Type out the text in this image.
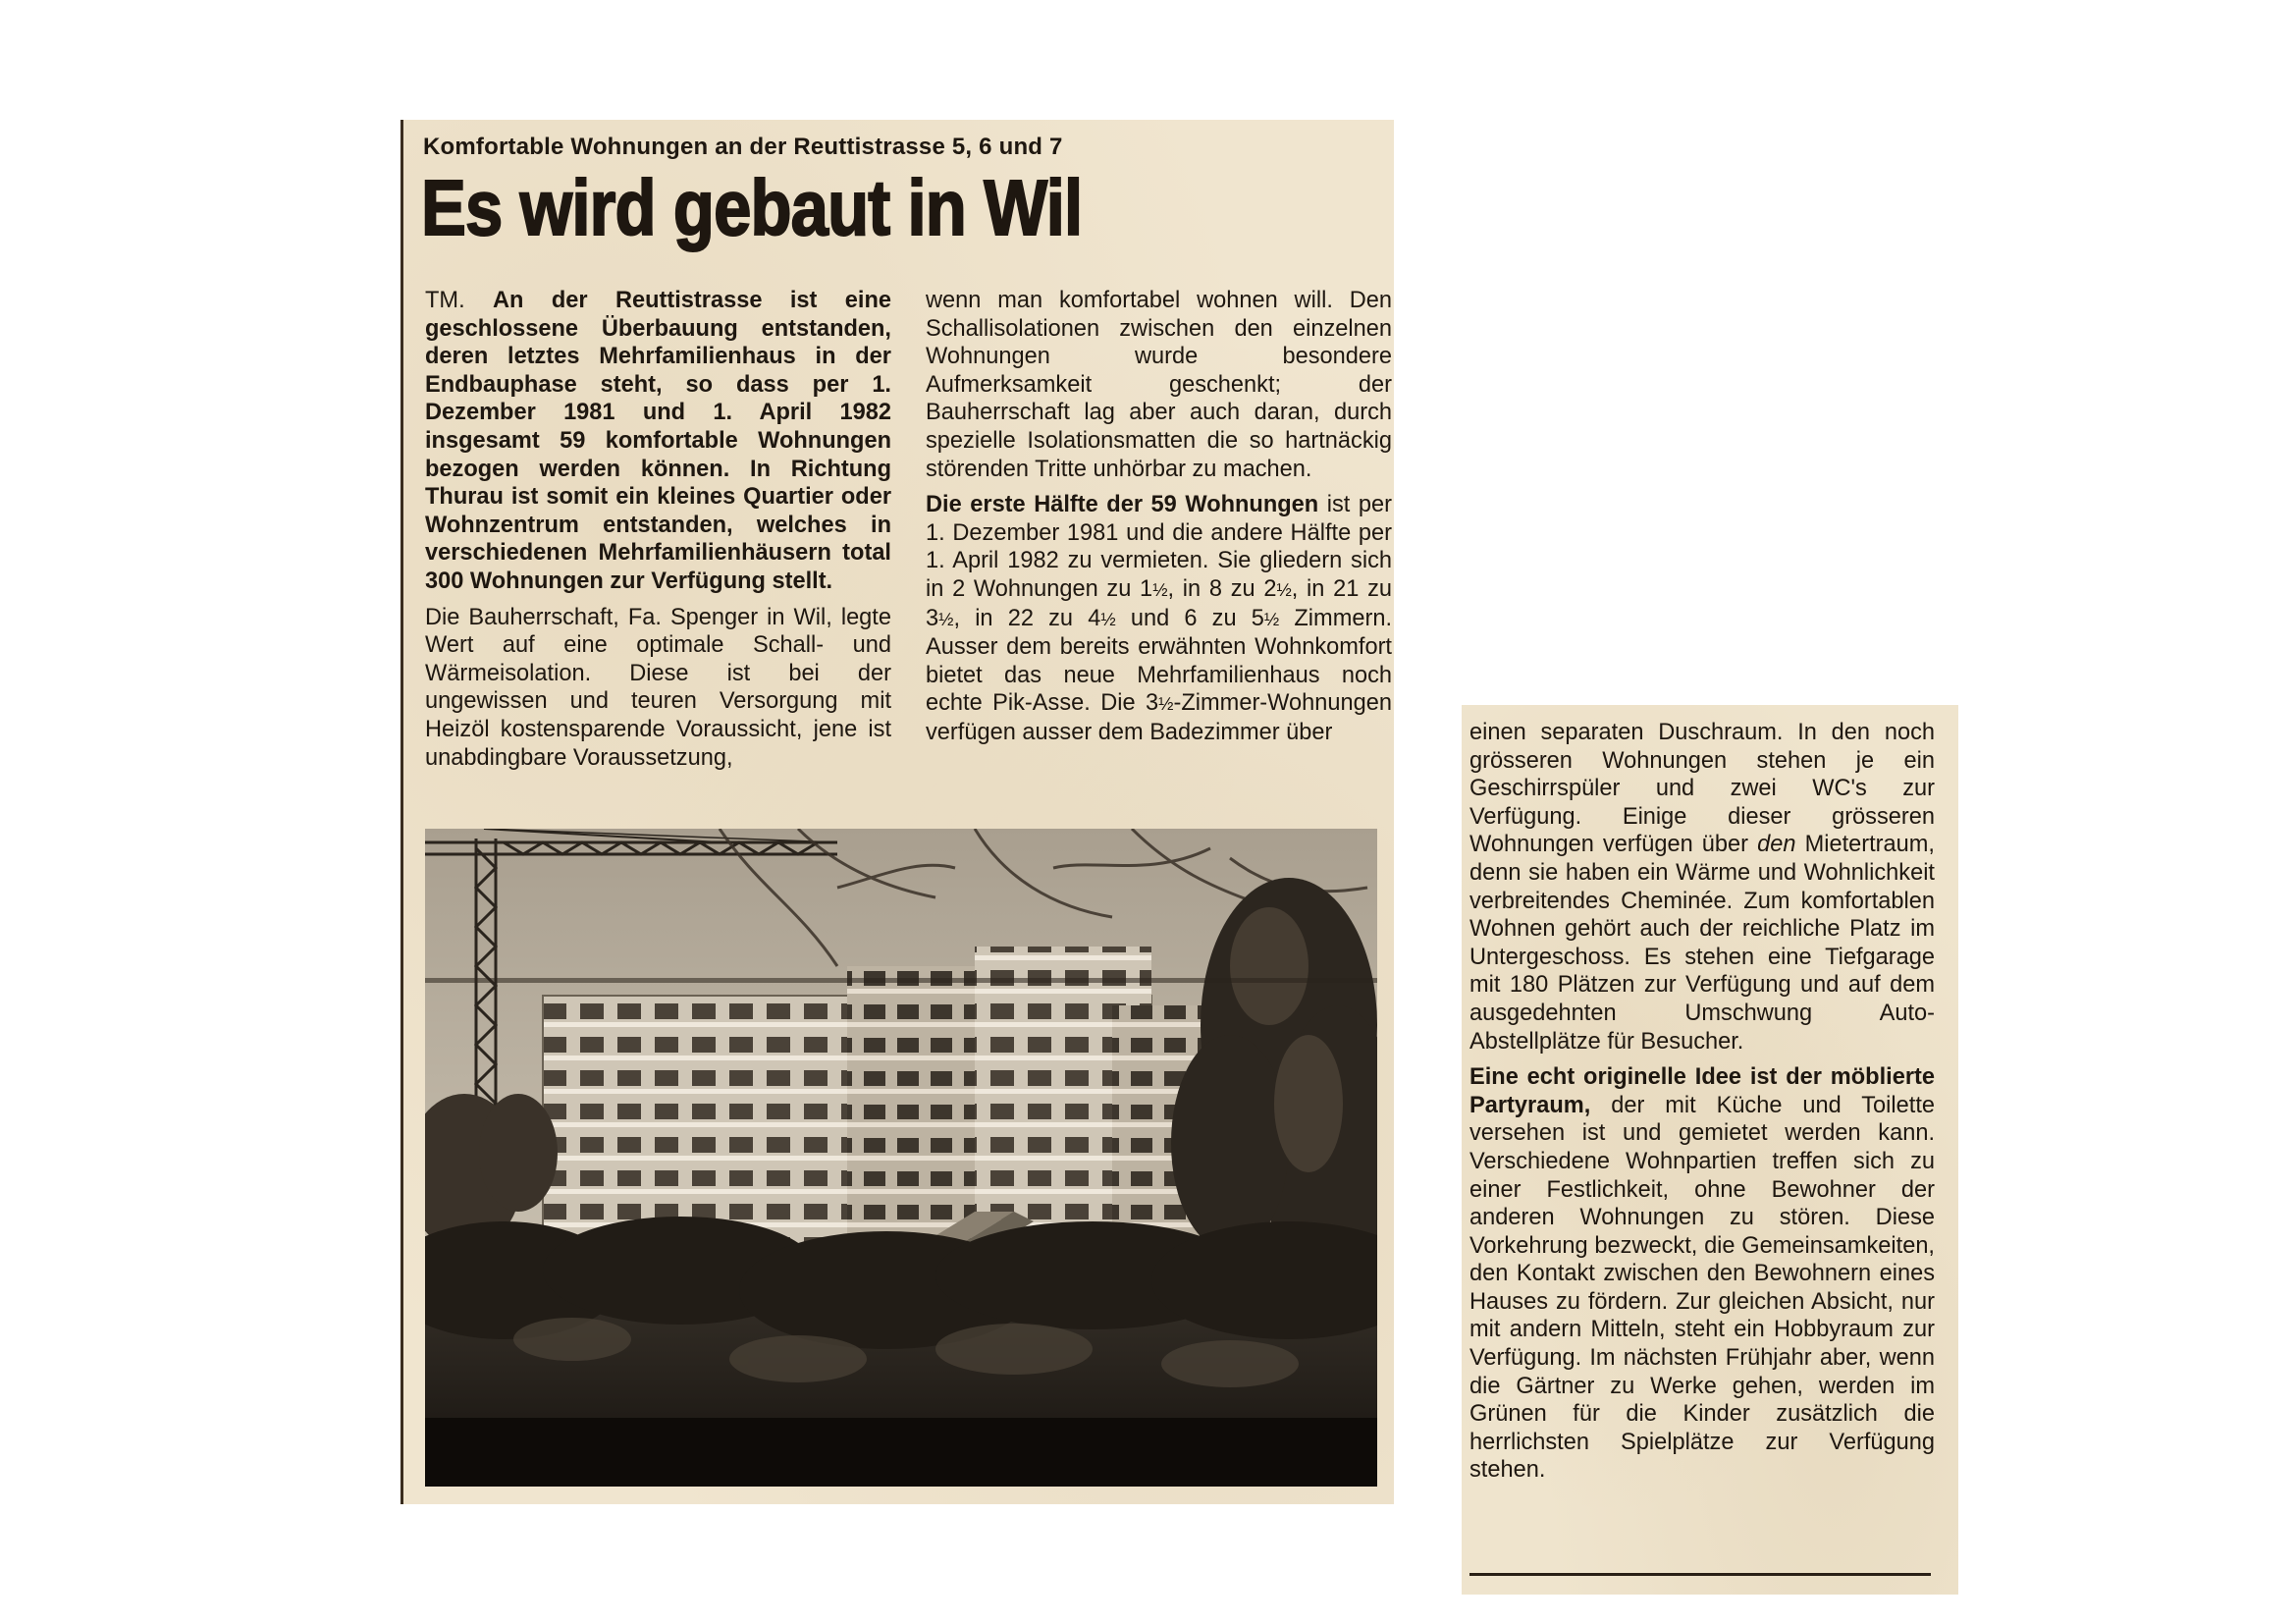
Komfortable Wohnungen an der Reuttistrasse 5, 6 und 7
Es wird gebaut in Wil

TM. An der Reuttistrasse ist eine geschlossene Überbauung entstanden, deren letztes Mehrfamilienhaus in der Endbauphase steht, so dass per 1. Dezember 1981 und 1. April 1982 insgesamt 59 komfortable Wohnungen bezogen werden können. In Richtung Thurau ist somit ein kleines Quartier oder Wohnzentrum entstanden, welches in verschiedenen Mehrfamilienhäusern total 300 Wohnungen zur Verfügung stellt.

Die Bauherrschaft, Fa. Spenger in Wil, legte Wert auf eine optimale Schall- und Wärmeisolation. Diese ist bei der ungewissen und teuren Versorgung mit Heizöl kostensparende Voraussicht, jene ist unabdingbare Voraussetzung,

wenn man komfortabel wohnen will. Den Schallisolationen zwischen den einzelnen Wohnungen wurde besondere Aufmerksamkeit geschenkt; der Bauherrschaft lag aber auch daran, durch spezielle Isolationsmatten die so hartnäckig störenden Tritte unhörbar zu machen.

Die erste Hälfte der 59 Wohnungen ist per 1. Dezember 1981 und die andere Hälfte per 1. April 1982 zu vermieten. Sie gliedern sich in 2 Wohnungen zu 1½, in 8 zu 2½, in 21 zu 3½, in 22 zu 4½ und 6 zu 5½ Zimmern. Ausser dem bereits erwähnten Wohnkomfort bietet das neue Mehrfamilienhaus noch echte Pik-Asse. Die 3½-Zimmer-Wohnungen verfügen ausser dem Badezimmer über	einen separaten Duschraum. In den noch grösseren Wohnungen stehen je ein Geschirrspüler und zwei WC's zur Verfügung. Einige dieser grösseren Wohnungen verfügen über den Mietertraum, denn sie haben ein Wärme und Wohnlichkeit verbreitendes Cheminée. Zum komfortablen Wohnen gehört auch der reichliche Platz im Untergeschoss. Es stehen eine Tiefgarage mit 180 Plätzen zur Verfügung und auf dem ausgedehnten Umschwung Auto-Abstellplätze für Besucher.

Eine echt originelle Idee ist der möblierte Partyraum, der mit Küche und Toilette versehen ist und gemietet werden kann. Verschiedene Wohnpartien treffen sich zu einer Festlichkeit, ohne Bewohner der anderen Wohnungen zu stören. Diese Vorkehrung bezweckt, die Gemeinsamkeiten, den Kontakt zwischen den Bewohnern eines Hauses zu fördern. Zur gleichen Absicht, nur mit andern Mitteln, steht ein Hobbyraum zur Verfügung. Im nächsten Frühjahr aber, wenn die Gärtner zu Werke gehen, werden im Grünen für die Kinder zusätzlich die herrlichsten Spielplätze zur Verfügung stehen.
